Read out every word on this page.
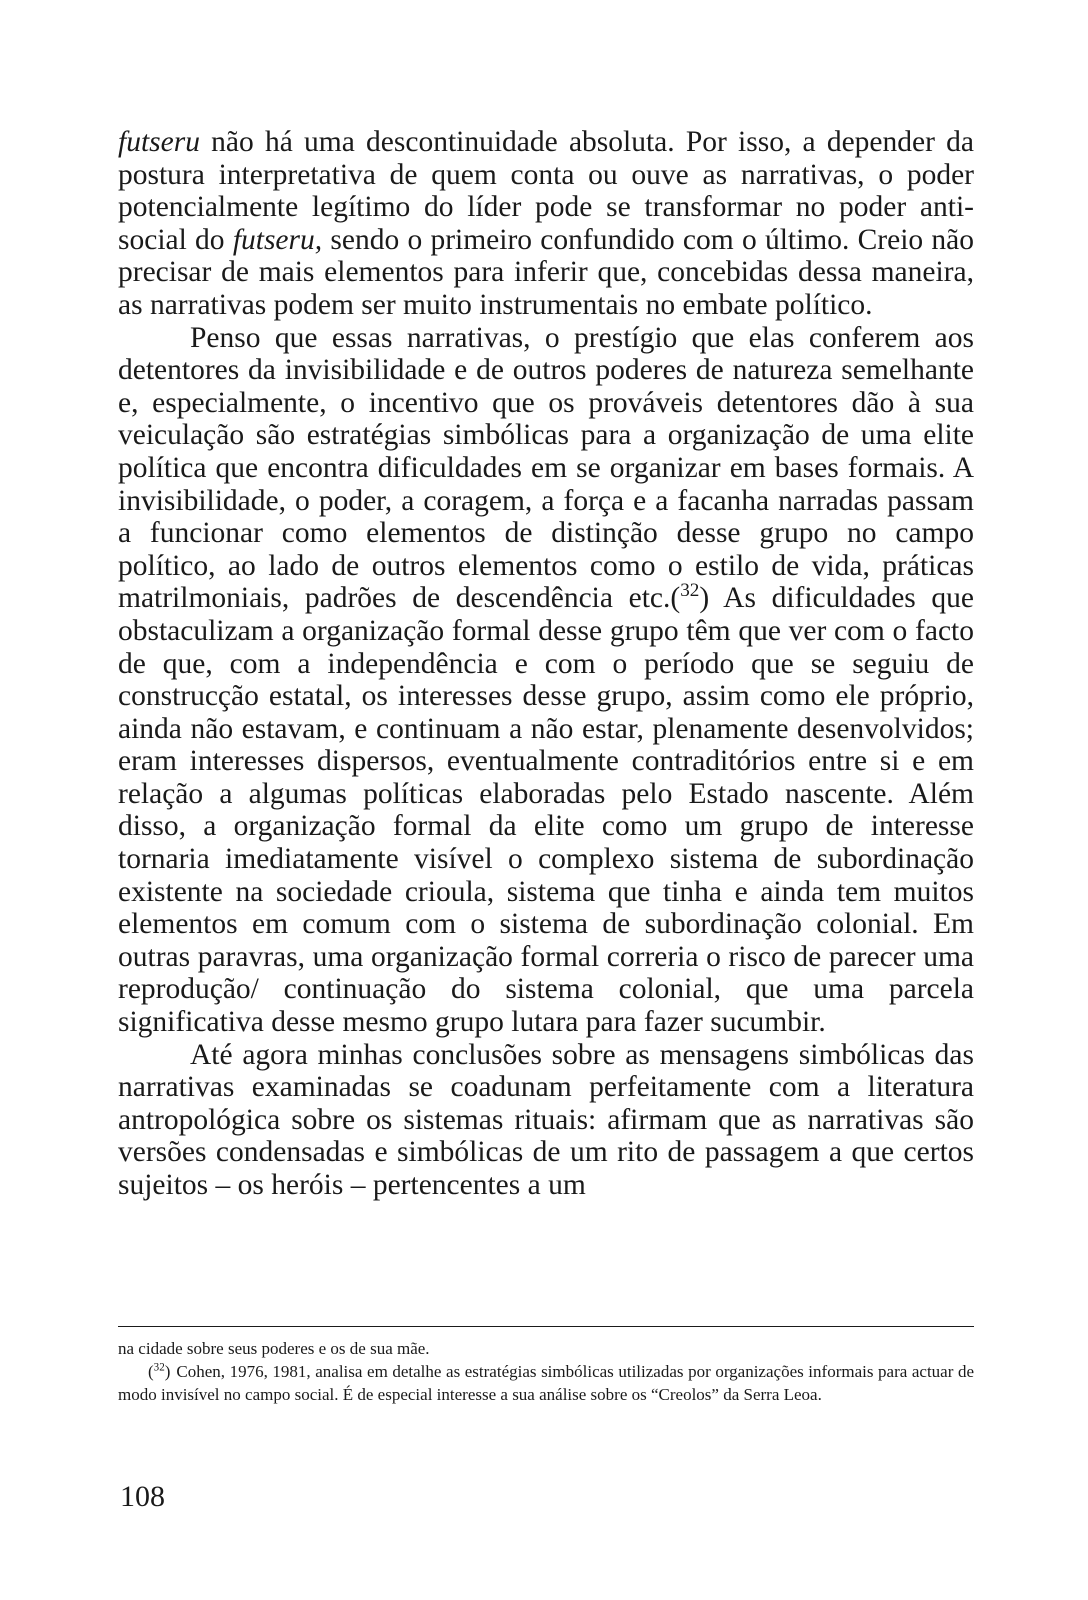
futseru não há uma descontinuidade absoluta. Por isso, a depender da postura interpretativa de quem conta ou ouve as narrativas, o poder potencialmente legítimo do líder pode se transformar no poder anti-social do futseru, sendo o primeiro confundido com o último. Creio não precisar de mais elementos para inferir que, concebidas dessa maneira, as narrativas podem ser muito instrumentais no embate político.

Penso que essas narrativas, o prestígio que elas conferem aos detentores da invisibilidade e de outros poderes de natureza semelhante e, especialmente, o incentivo que os prováveis detentores dão à sua veiculação são estratégias simbólicas para a organização de uma elite política que encontra dificuldades em se organizar em bases formais. A invisibilidade, o poder, a coragem, a força e a facanha narradas passam a funcionar como elementos de distinção desse grupo no campo político, ao lado de outros elementos como o estilo de vida, práticas matrilmoniais, padrões de descendência etc.($^{32}$) As dificuldades que obstaculizam a organização formal desse grupo têm que ver com o facto de que, com a independência e com o período que se seguiu de construcção estatal, os interesses desse grupo, assim como ele próprio, ainda não estavam, e continuam a não estar, plenamente desenvolvidos; eram interesses dispersos, eventualmente contraditórios entre si e em relação a algumas políticas elaboradas pelo Estado nascente. Além disso, a organização formal da elite como um grupo de interesse tornaria imediatamente visível o complexo sistema de subordinação existente na sociedade crioula, sistema que tinha e ainda tem muitos elementos em comum com o sistema de subordinação colonial. Em outras paravras, uma organização formal correria o risco de parecer uma reprodução/ continuação do sistema colonial, que uma parcela significativa desse mesmo grupo lutara para fazer sucumbir.

Até agora minhas conclusões sobre as mensagens simbólicas das narrativas examinadas se coadunam perfeitamente com a literatura antropológica sobre os sistemas rituais: afirmam que as narrativas são versões condensadas e simbólicas de um rito de passagem a que certos sujeitos – os heróis – pertencentes a um

na cidade sobre seus poderes e os de sua mãe.

($^{32}$) Cohen, 1976, 1981, analisa em detalhe as estratégias simbólicas utilizadas por organizações informais para actuar de modo invisível no campo social. É de especial interesse a sua análise sobre os “Creolos” da Serra Leoa.

108
